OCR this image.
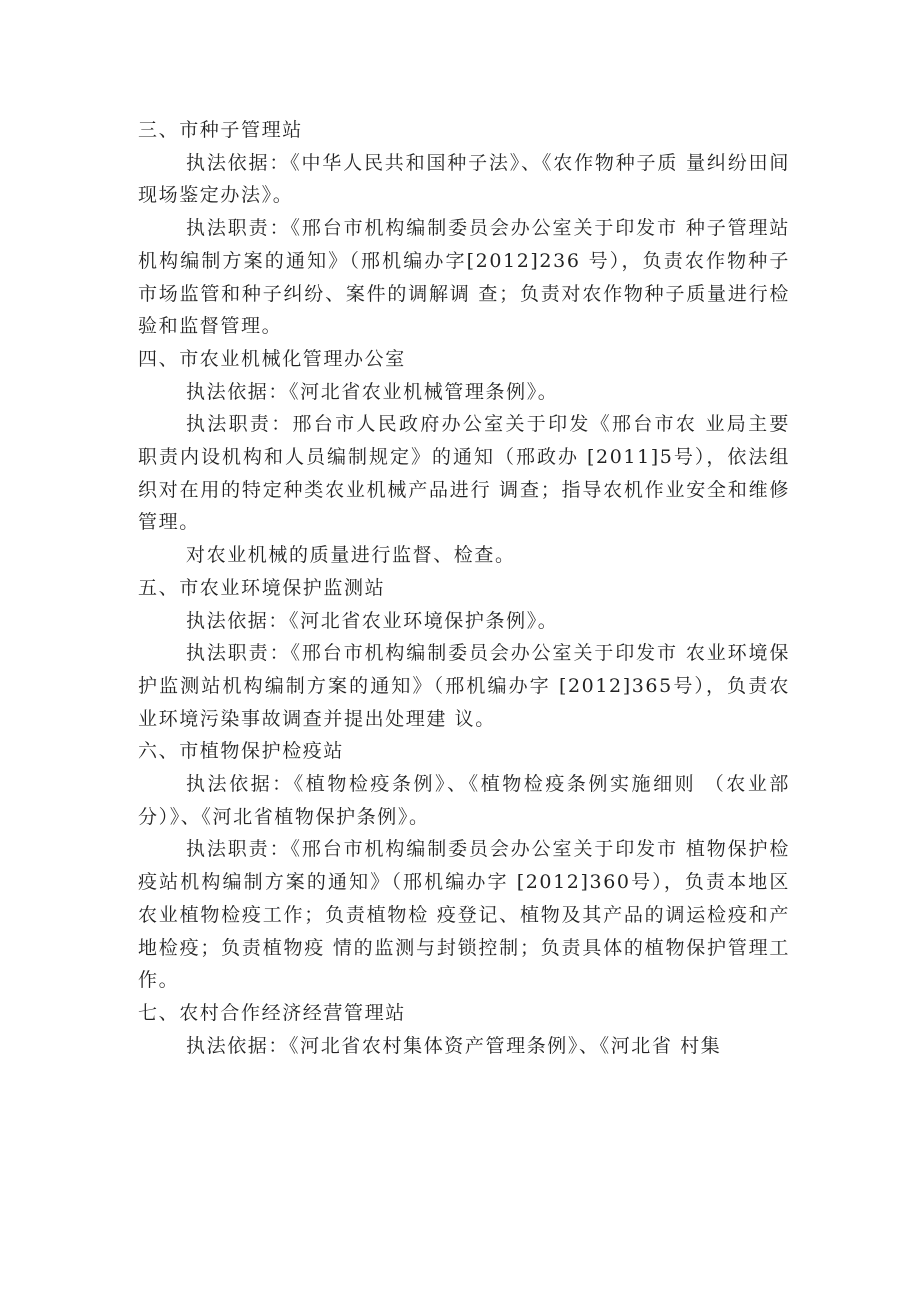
三、市种子管理站

执法依据：《中华人民共和国种子法》、《农作物种子质 量纠纷田间现场鉴定办法》。

执法职责：《邢台市机构编制委员会办公室关于印发市 种子管理站机构编制方案的通知》（邢机编办字[2012]236 号），负责农作物种子市场监管和种子纠纷、案件的调解调 查；负责对农作物种子质量进行检验和监督管理。

四、市农业机械化管理办公室

执法依据：《河北省农业机械管理条例》。

执法职责：邢台市人民政府办公室关于印发《邢台市农 业局主要职责内设机构和人员编制规定》的通知（邢政办 [2011]5号），依法组织对在用的特定种类农业机械产品进行 调查；指导农机作业安全和维修管理。

对农业机械的质量进行监督、检查。

五、市农业环境保护监测站

执法依据：《河北省农业环境保护条例》。

执法职责：《邢台市机构编制委员会办公室关于印发市 农业环境保护监测站机构编制方案的通知》（邢机编办字 [2012]365号），负责农业环境污染事故调查并提出处理建 议。

六、市植物保护检疫站

执法依据：《植物检疫条例》、《植物检疫条例实施细则 （农业部分）》、《河北省植物保护条例》。

执法职责：《邢台市机构编制委员会办公室关于印发市 植物保护检疫站机构编制方案的通知》（邢机编办字 [2012]360号），负责本地区农业植物检疫工作；负责植物检 疫登记、植物及其产品的调运检疫和产地检疫；负责植物疫 情的监测与封锁控制；负责具体的植物保护管理工作。

七、农村合作经济经营管理站

执法依据：《河北省农村集体资产管理条例》、《河北省 村集
